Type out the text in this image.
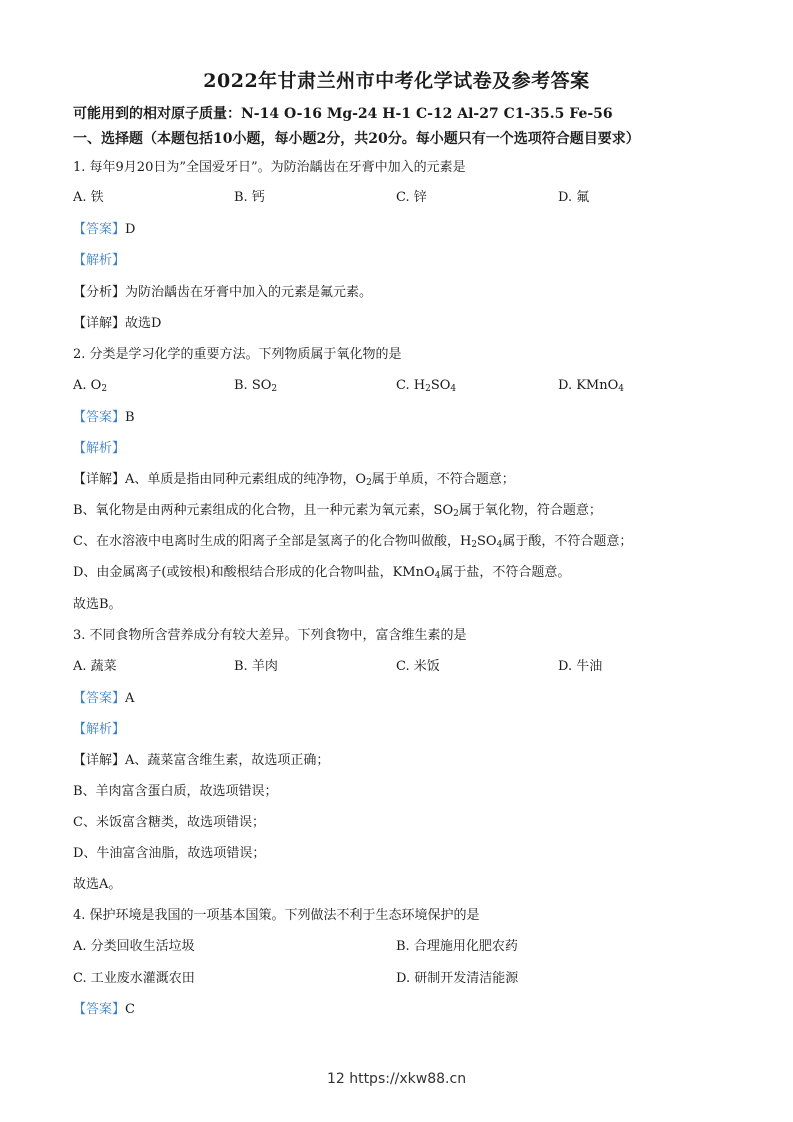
2022年甘肃兰州市中考化学试卷及参考答案
可能用到的相对原子质量：N-14 O-16 Mg-24 H-1 C-12 Al-27 C1-35.5 Fe-56
一、选择题（本题包括10小题，每小题2分，共20分。每小题只有一个选项符合题目要求）
1. 每年9月20日为”全国爱牙日”。为防治龋齿在牙膏中加入的元素是
A. 铁	B. 钙	C. 锌	D. 氟
【答案】D
【解析】
【分析】为防治龋齿在牙膏中加入的元素是氟元素。
【详解】故选D
2. 分类是学习化学的重要方法。下列物质属于氧化物的是
A. $O_2$	B. $SO_2$	C. $H_2SO_4$	D. KMnO$_4$
【答案】B
【解析】
【详解】A、单质是指由同种元素组成的纯净物，$O_2$属于单质，不符合题意；
B、氧化物是由两种元素组成的化合物，且一种元素为氧元素，$SO_2$属于氧化物，符合题意；
C、在水溶液中电离时生成的阳离子全部是氢离子的化合物叫做酸，$H_2SO_4$属于酸，不符合题意；
D、由金属离子(或铵根)和酸根结合形成的化合物叫盐，KMnO$_4$属于盐，不符合题意。
故选B。
3. 不同食物所含营养成分有较大差异。下列食物中，富含维生素的是
A. 蔬菜	B. 羊肉	C. 米饭	D. 牛油
【答案】A
【解析】
【详解】A、蔬菜富含维生素，故选项正确；
B、羊肉富含蛋白质，故选项错误；
C、米饭富含糖类，故选项错误；
D、牛油富含油脂，故选项错误；
故选A。
4. 保护环境是我国的一项基本国策。下列做法不利于生态环境保护的是
A. 分类回收生活垃圾	B. 合理施用化肥农药
C. 工业废水灌溉农田	D. 研制开发清洁能源
【答案】C
12 https://xkw88.cn
